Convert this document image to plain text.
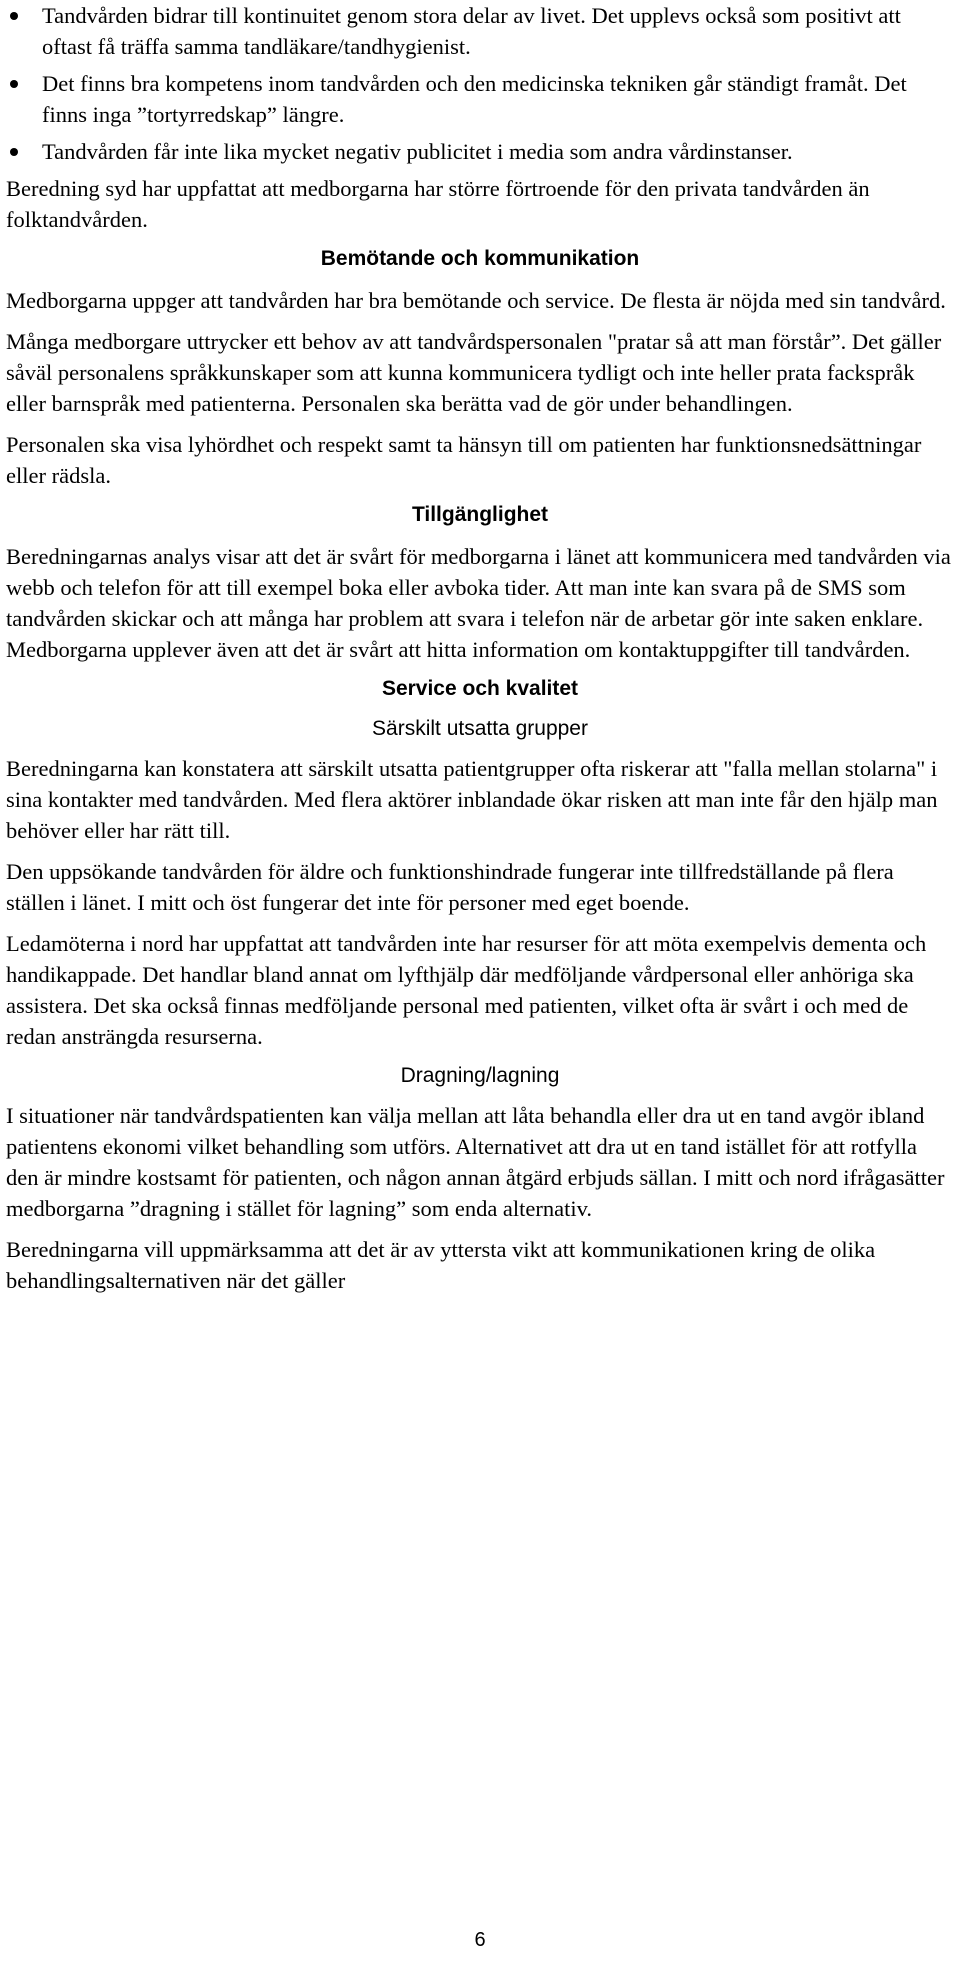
Tandvården bidrar till kontinuitet genom stora delar av livet. Det upplevs också som positivt att oftast få träffa samma tandläkare/tandhygienist.
Det finns bra kompetens inom tandvården och den medicinska tekniken går ständigt framåt. Det finns inga ”tortyrredskap” längre.
Tandvården får inte lika mycket negativ publicitet i media som andra vårdinstanser.

Beredning syd har uppfattat att medborgarna har större förtroende för den privata tandvården än folktandvården.

Bemötande och kommunikation

Medborgarna uppger att tandvården har bra bemötande och service. De flesta är nöjda med sin tandvård.

Många medborgare uttrycker ett behov av att tandvårdspersonalen "pratar så att man förstår”. Det gäller såväl personalens språkkunskaper som att kunna kommunicera tydligt och inte heller prata fackspråk eller barnspråk med patienterna. Personalen ska berätta vad de gör under behandlingen.

Personalen ska visa lyhördhet och respekt samt ta hänsyn till om patienten har funktionsnedsättningar eller rädsla.

Tillgänglighet

Beredningarnas analys visar att det är svårt för medborgarna i länet att kommunicera med tandvården via webb och telefon för att till exempel boka eller avboka tider. Att man inte kan svara på de SMS som tandvården skickar och att många har problem att svara i telefon när de arbetar gör inte saken enklare. Medborgarna upplever även att det är svårt att hitta information om kontaktuppgifter till tandvården.

Service och kvalitet
Särskilt utsatta grupper

Beredningarna kan konstatera att särskilt utsatta patientgrupper ofta riskerar att "falla mellan stolarna" i sina kontakter med tandvården. Med flera aktörer inblandade ökar risken att man inte får den hjälp man behöver eller har rätt till.

Den uppsökande tandvården för äldre och funktionshindrade fungerar inte tillfredställande på flera ställen i länet. I mitt och öst fungerar det inte för personer med eget boende.

Ledamöterna i nord har uppfattat att tandvården inte har resurser för att möta exempelvis dementa och handikappade. Det handlar bland annat om lyfthjälp där medföljande vårdpersonal eller anhöriga ska assistera. Det ska också finnas medföljande personal med patienten, vilket ofta är svårt i och med de redan ansträngda resurserna.

Dragning/lagning

I situationer när tandvårdspatienten kan välja mellan att låta behandla eller dra ut en tand avgör ibland patientens ekonomi vilket behandling som utförs. Alternativet att dra ut en tand istället för att rotfylla den är mindre kostsamt för patienten, och någon annan åtgärd erbjuds sällan. I mitt och nord ifrågasätter medborgarna ”dragning i stället för lagning” som enda alternativ.

Beredningarna vill uppmärksamma att det är av yttersta vikt att kommunikationen kring de olika behandlingsalternativen när det gäller

6
